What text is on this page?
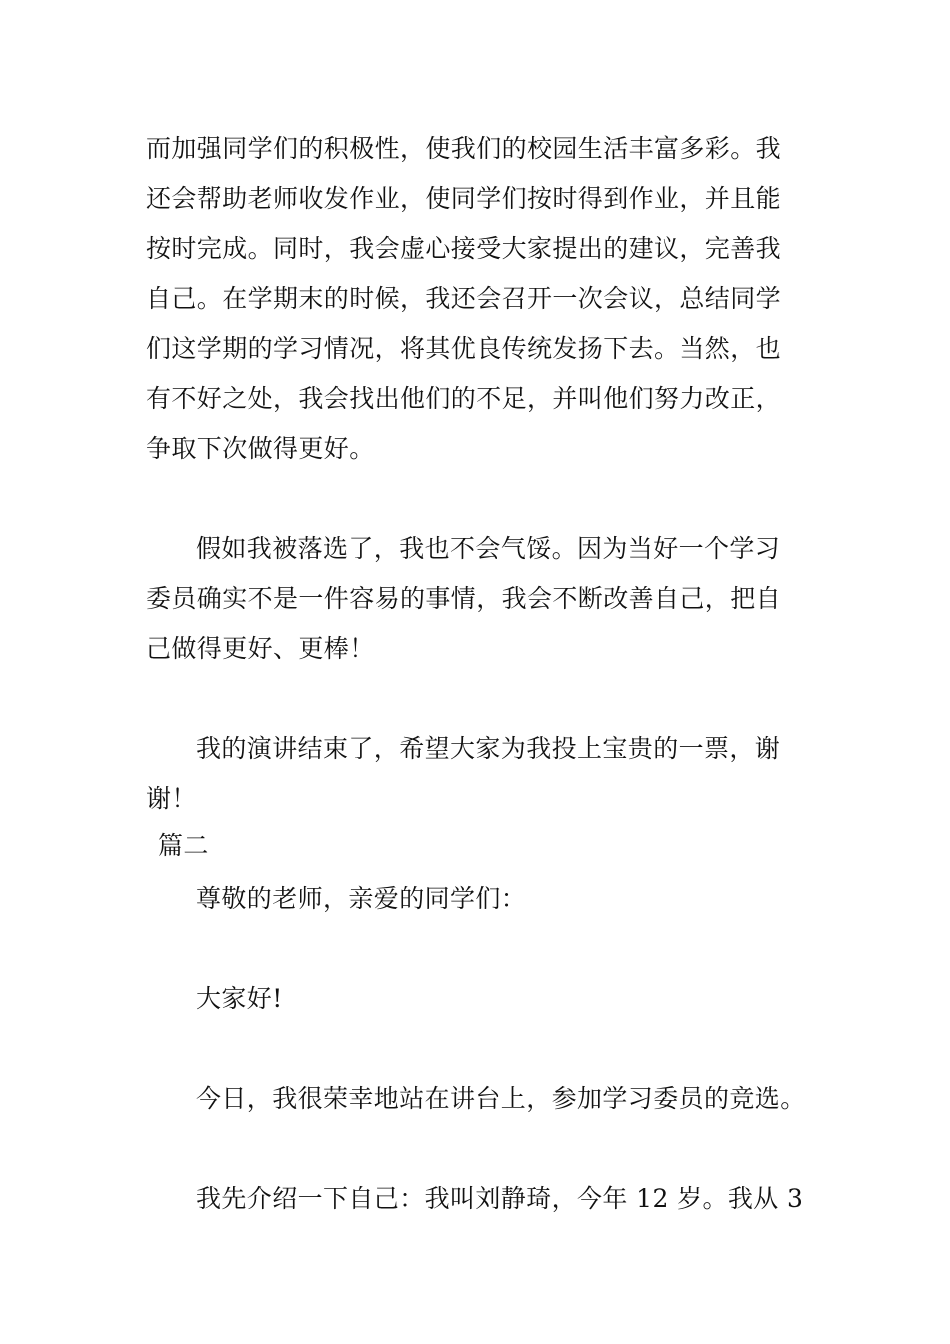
而加强同学们的积极性，使我们的校园生活丰富多彩。我
还会帮助老师收发作业，使同学们按时得到作业，并且能
按时完成。同时，我会虚心接受大家提出的建议，完善我
自己。在学期末的时候，我还会召开一次会议，总结同学
们这学期的学习情况，将其优良传统发扬下去。当然，也
有不好之处，我会找出他们的不足，并叫他们努力改正，
争取下次做得更好。
假如我被落选了，我也不会气馁。因为当好一个学习
委员确实不是一件容易的事情，我会不断改善自己，把自
己做得更好、更棒！
我的演讲结束了，希望大家为我投上宝贵的一票，谢
谢！
篇二
尊敬的老师，亲爱的同学们：
大家好!
今日，我很荣幸地站在讲台上，参加学习委员的竞选。
我先介绍一下自己：我叫刘静琦，今年 12 岁。我从 3
